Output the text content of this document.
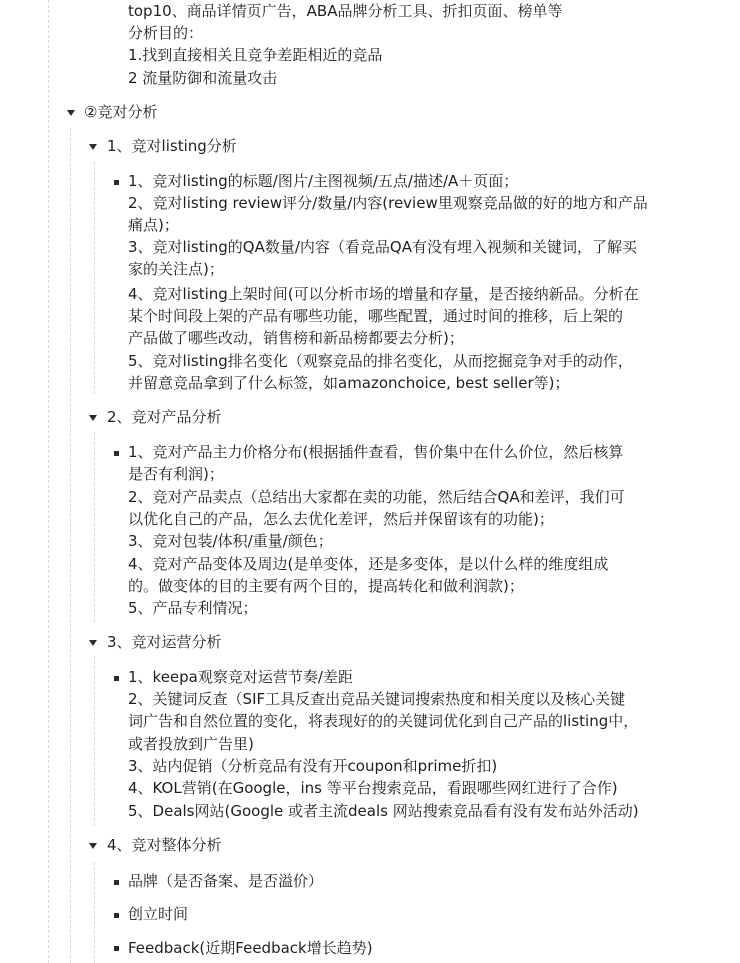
top10、商品详情页广告，ABA品牌分析工具、折扣页面、榜单等
分析目的：
1.找到直接相关且竞争差距相近的竞品
2 流量防御和流量攻击
②竞对分析
1、竞对listing分析
1、竞对listing的标题/图片/主图视频/五点/描述/A＋页面；
2、竞对listing review评分/数量/内容(review里观察竞品做的好的地方和产品
痛点)；
3、竞对listing的QA数量/内容（看竞品QA有没有埋入视频和关键词，了解买
家的关注点)；
4、竞对listing上架时间(可以分析市场的增量和存量，是否接纳新品。分析在
某个时间段上架的产品有哪些功能，哪些配置，通过时间的推移，后上架的
产品做了哪些改动，销售榜和新品榜都要去分析)；
5、竞对listing排名变化（观察竞品的排名变化，从而挖掘竞争对手的动作，
并留意竞品拿到了什么标签，如amazonchoice, best seller等)；
2、竞对产品分析
1、竞对产品主力价格分布(根据插件查看，售价集中在什么价位，然后核算
是否有利润)；
2、竞对产品卖点（总结出大家都在卖的功能，然后结合QA和差评，我们可
以优化自己的产品，怎么去优化差评，然后并保留该有的功能)；
3、竞对包装/体积/重量/颜色；
4、竞对产品变体及周边(是单变体，还是多变体，是以什么样的维度组成
的。做变体的目的主要有两个目的，提高转化和做利润款)；
5、产品专利情况；
3、竞对运营分析
1、keepa观察竞对运营节奏/差距
2、关键词反查（SIF工具反查出竞品关键词搜索热度和相关度以及核心关键
词广告和自然位置的变化，将表现好的的关键词优化到自己产品的listing中，
或者投放到广告里)
3、站内促销（分析竞品有没有开coupon和prime折扣)
4、KOL营销(在Google，ins 等平台搜索竞品，看跟哪些网红进行了合作)
5、Deals网站(Google 或者主流deals 网站搜索竞品看有没有发布站外活动)
4、竞对整体分析
品牌（是否备案、是否溢价）
创立时间
Feedback(近期Feedback增长趋势)
